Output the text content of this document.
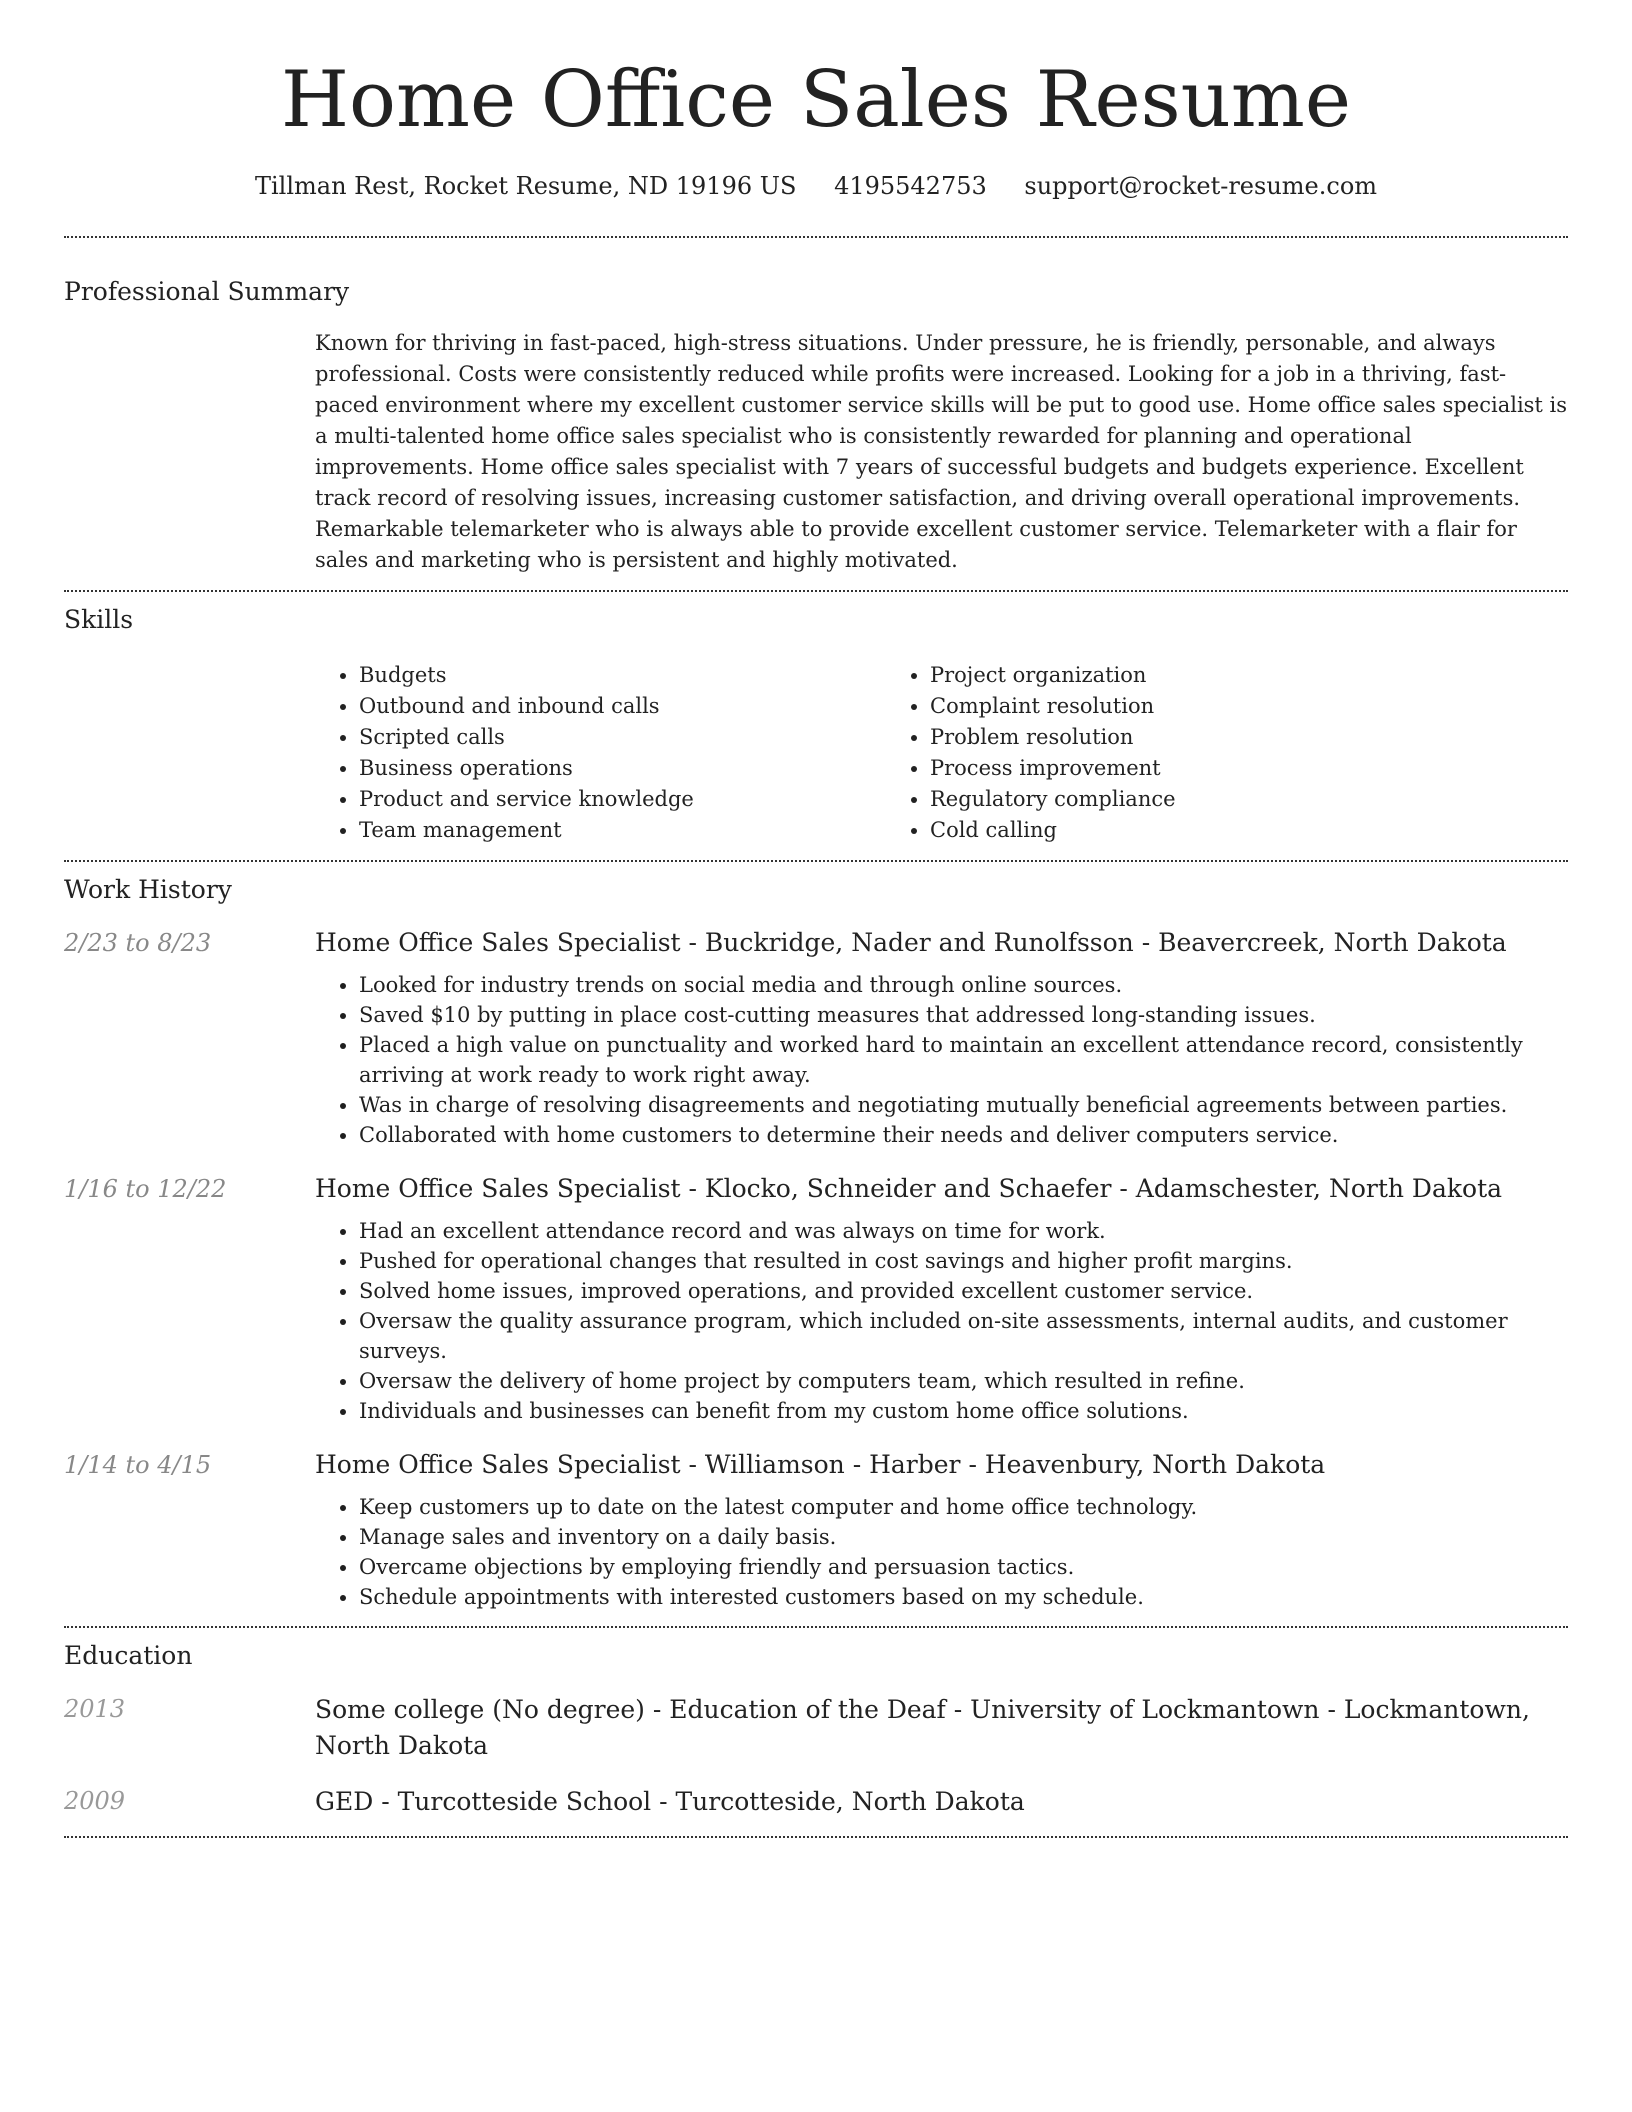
Home Office Sales Resume
Tillman Rest, Rocket Resume, ND 19196 US 4195542753 support@rocket-resume.com
Professional Summary

Known for thriving in fast-paced, high-stress situations. Under pressure, he is friendly, personable, and always professional. Costs were consistently reduced while profits were increased. Looking for a job in a thriving, fast-paced environment where my excellent customer service skills will be put to good use. Home office sales specialist is a multi-talented home office sales specialist who is consistently rewarded for planning and operational improvements. Home office sales specialist with 7 years of successful budgets and budgets experience. Excellent track record of resolving issues, increasing customer satisfaction, and driving overall operational improvements. Remarkable telemarketer who is always able to provide excellent customer service. Telemarketer with a flair for sales and marketing who is persistent and highly motivated.

Skills
• Budgets
• Outbound and inbound calls
• Scripted calls
• Business operations
• Product and service knowledge
• Team management
• Project organization
• Complaint resolution
• Problem resolution
• Process improvement
• Regulatory compliance
• Cold calling
Work History
2/23 to 8/23	Home Office Sales Specialist - Buckridge, Nader and Runolfsson - Beavercreek, North Dakota
• Looked for industry trends on social media and through online sources.
• Saved $10 by putting in place cost-cutting measures that addressed long-standing issues.
• Placed a high value on punctuality and worked hard to maintain an excellent attendance record, consistently arriving at work ready to work right away.
• Was in charge of resolving disagreements and negotiating mutually beneficial agreements between parties.
• Collaborated with home customers to determine their needs and deliver computers service.
1/16 to 12/22	Home Office Sales Specialist - Klocko, Schneider and Schaefer - Adamschester, North Dakota
• Had an excellent attendance record and was always on time for work.
• Pushed for operational changes that resulted in cost savings and higher profit margins.
• Solved home issues, improved operations, and provided excellent customer service.
• Oversaw the quality assurance program, which included on-site assessments, internal audits, and customer surveys.
• Oversaw the delivery of home project by computers team, which resulted in refine.
• Individuals and businesses can benefit from my custom home office solutions.
1/14 to 4/15	Home Office Sales Specialist - Williamson - Harber - Heavenbury, North Dakota
• Keep customers up to date on the latest computer and home office technology.
• Manage sales and inventory on a daily basis.
• Overcame objections by employing friendly and persuasion tactics.
• Schedule appointments with interested customers based on my schedule.
Education
2013	Some college (No degree) - Education of the Deaf - University of Lockmantown - Lockmantown, North Dakota
2009	GED - Turcotteside School - Turcotteside, North Dakota
